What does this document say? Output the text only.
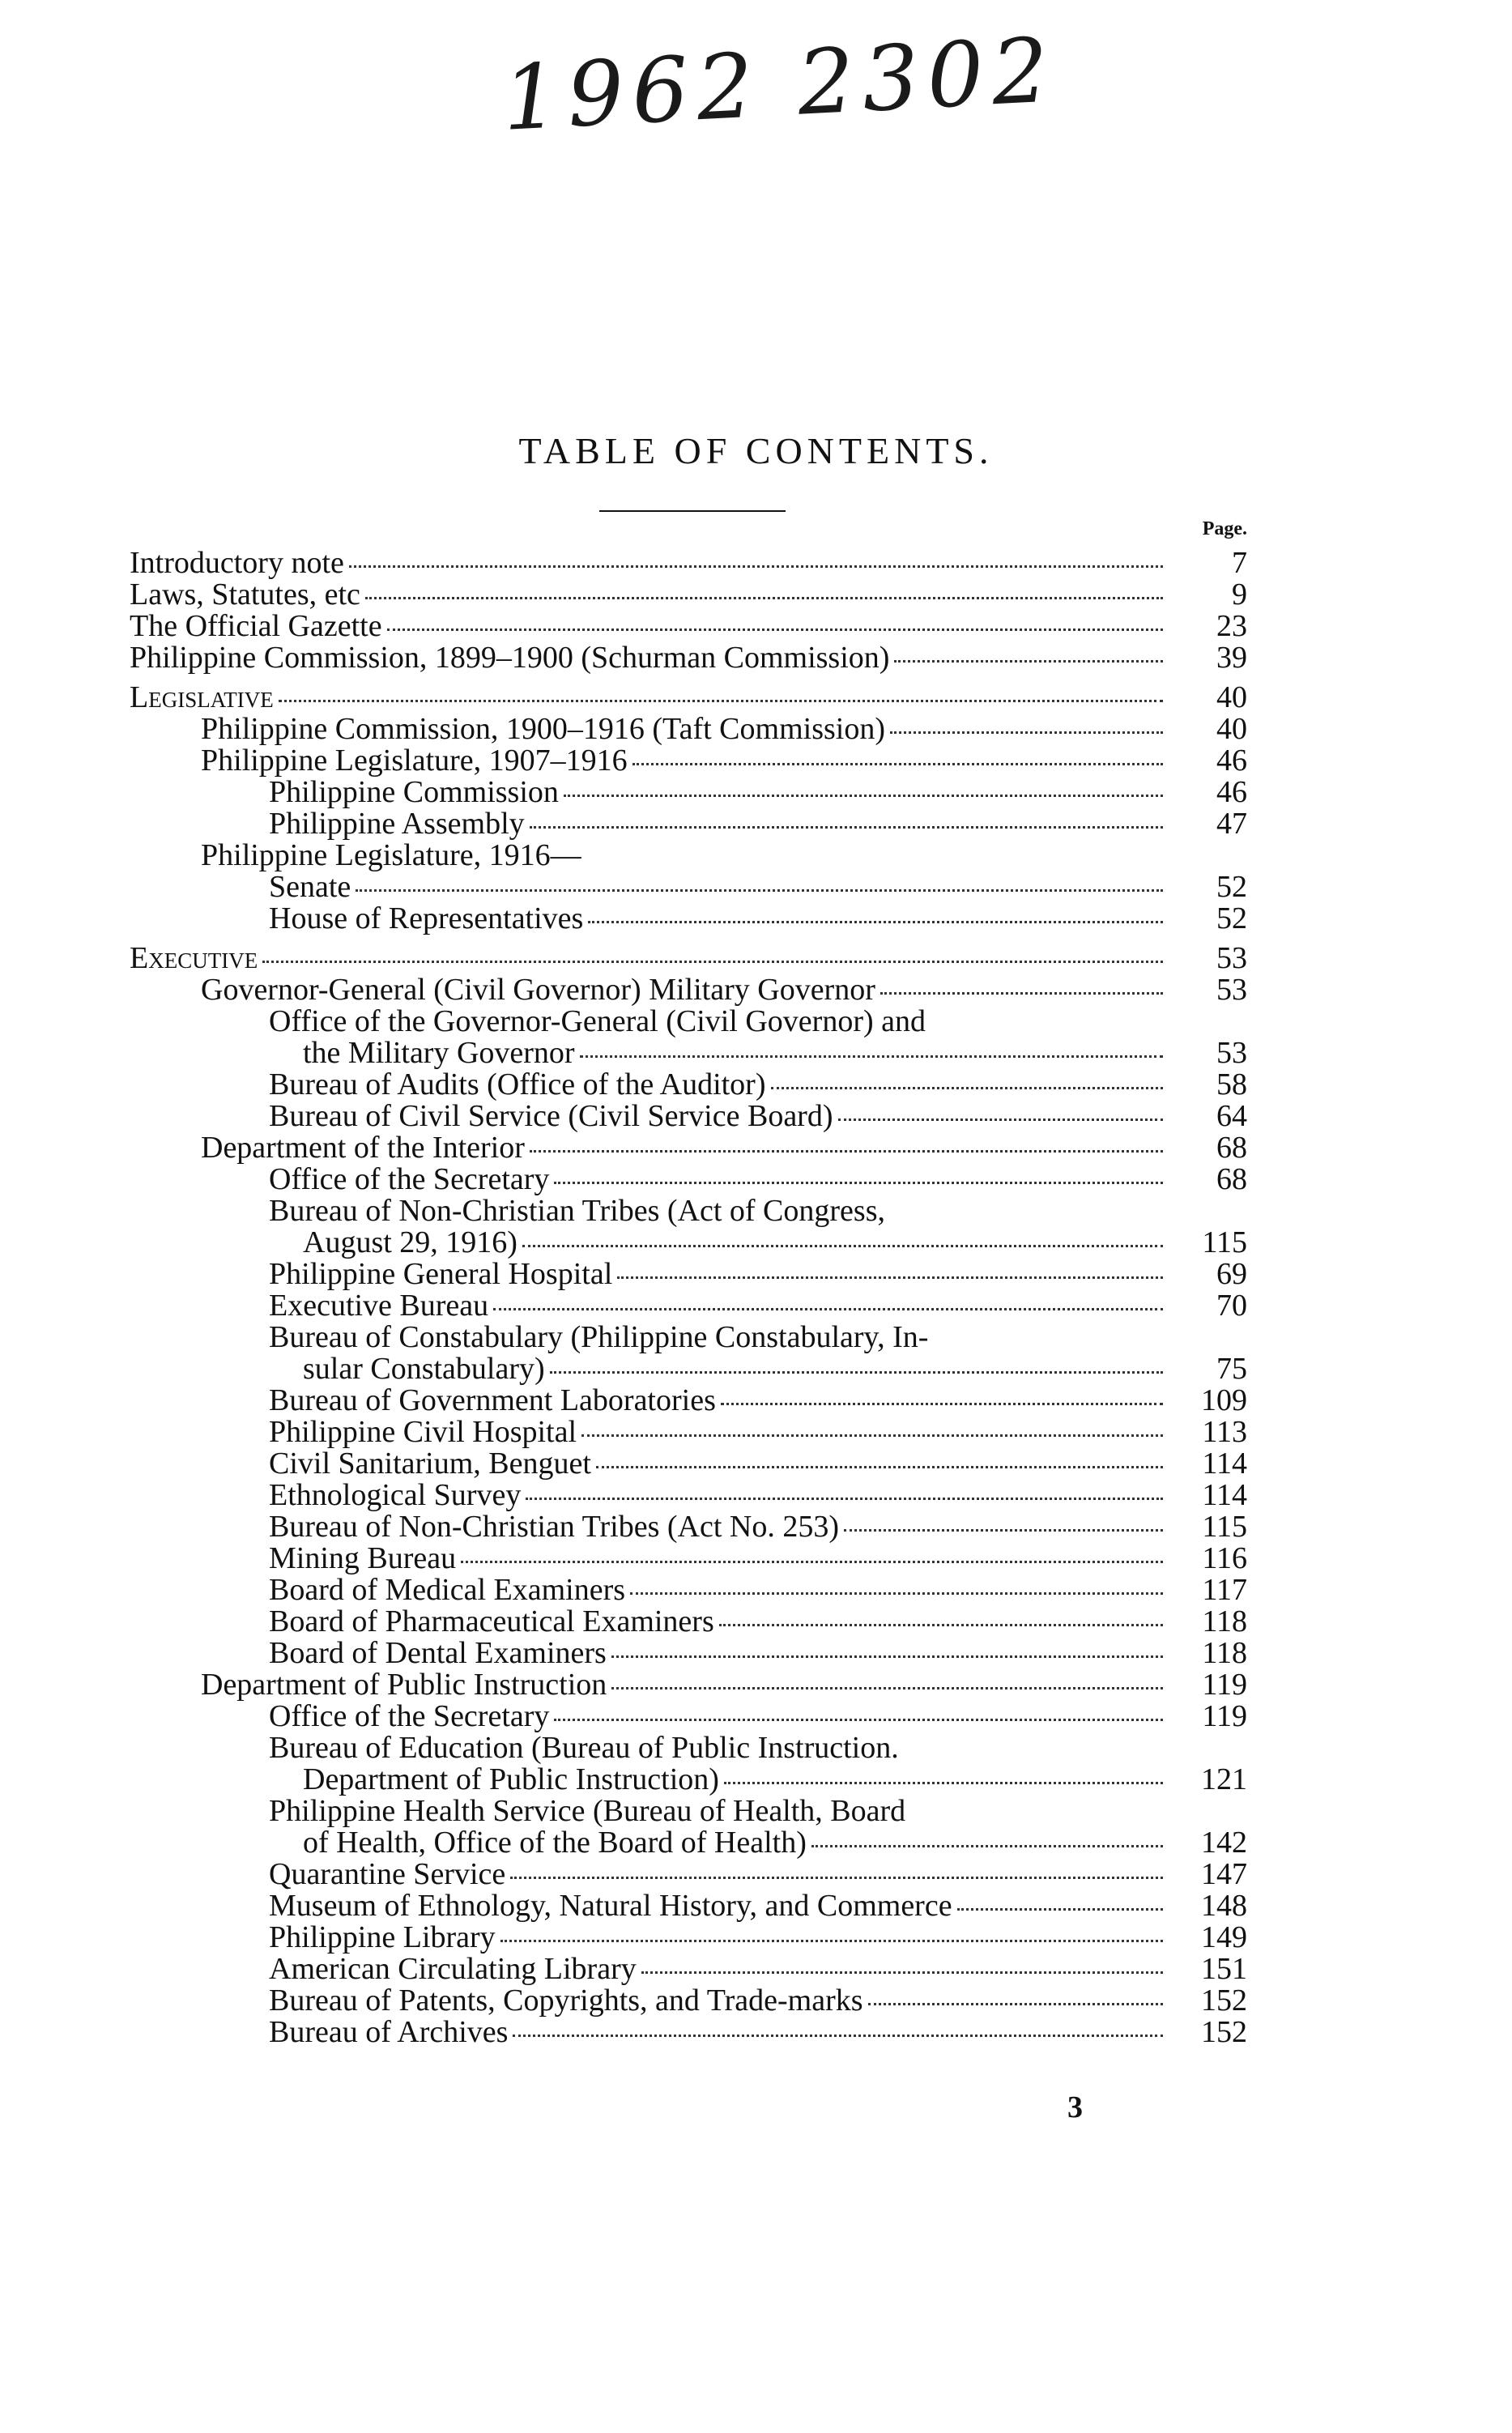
1962 2302
TABLE OF CONTENTS.
Page.
Introductory note	7
Laws, Statutes, etc	9
The Official Gazette	23
Philippine Commission, 1899–1900 (Schurman Commission)	39
Legislative	40
Philippine Commission, 1900–1916 (Taft Commission)	40
Philippine Legislature, 1907–1916	46
Philippine Commission	46
Philippine Assembly	47
Philippine Legislature, 1916—
Senate	52
House of Representatives	52
Executive	53
Governor-General (Civil Governor) Military Governor	53
Office of the Governor-General (Civil Governor) and
the Military Governor	53
Bureau of Audits (Office of the Auditor)	58
Bureau of Civil Service (Civil Service Board)	64
Department of the Interior	68
Office of the Secretary	68
Bureau of Non-Christian Tribes (Act of Congress,
August 29, 1916)	115
Philippine General Hospital	69
Executive Bureau	70
Bureau of Constabulary (Philippine Constabulary, In-
sular Constabulary)	75
Bureau of Government Laboratories	109
Philippine Civil Hospital	113
Civil Sanitarium, Benguet	114
Ethnological Survey	114
Bureau of Non-Christian Tribes (Act No. 253)	115
Mining Bureau	116
Board of Medical Examiners	117
Board of Pharmaceutical Examiners	118
Board of Dental Examiners	118
Department of Public Instruction	119
Office of the Secretary	119
Bureau of Education (Bureau of Public Instruction.
Department of Public Instruction)	121
Philippine Health Service (Bureau of Health, Board
of Health, Office of the Board of Health)	142
Quarantine Service	147
Museum of Ethnology, Natural History, and Commerce	148
Philippine Library	149
American Circulating Library	151
Bureau of Patents, Copyrights, and Trade-marks	152
Bureau of Archives	152
3
